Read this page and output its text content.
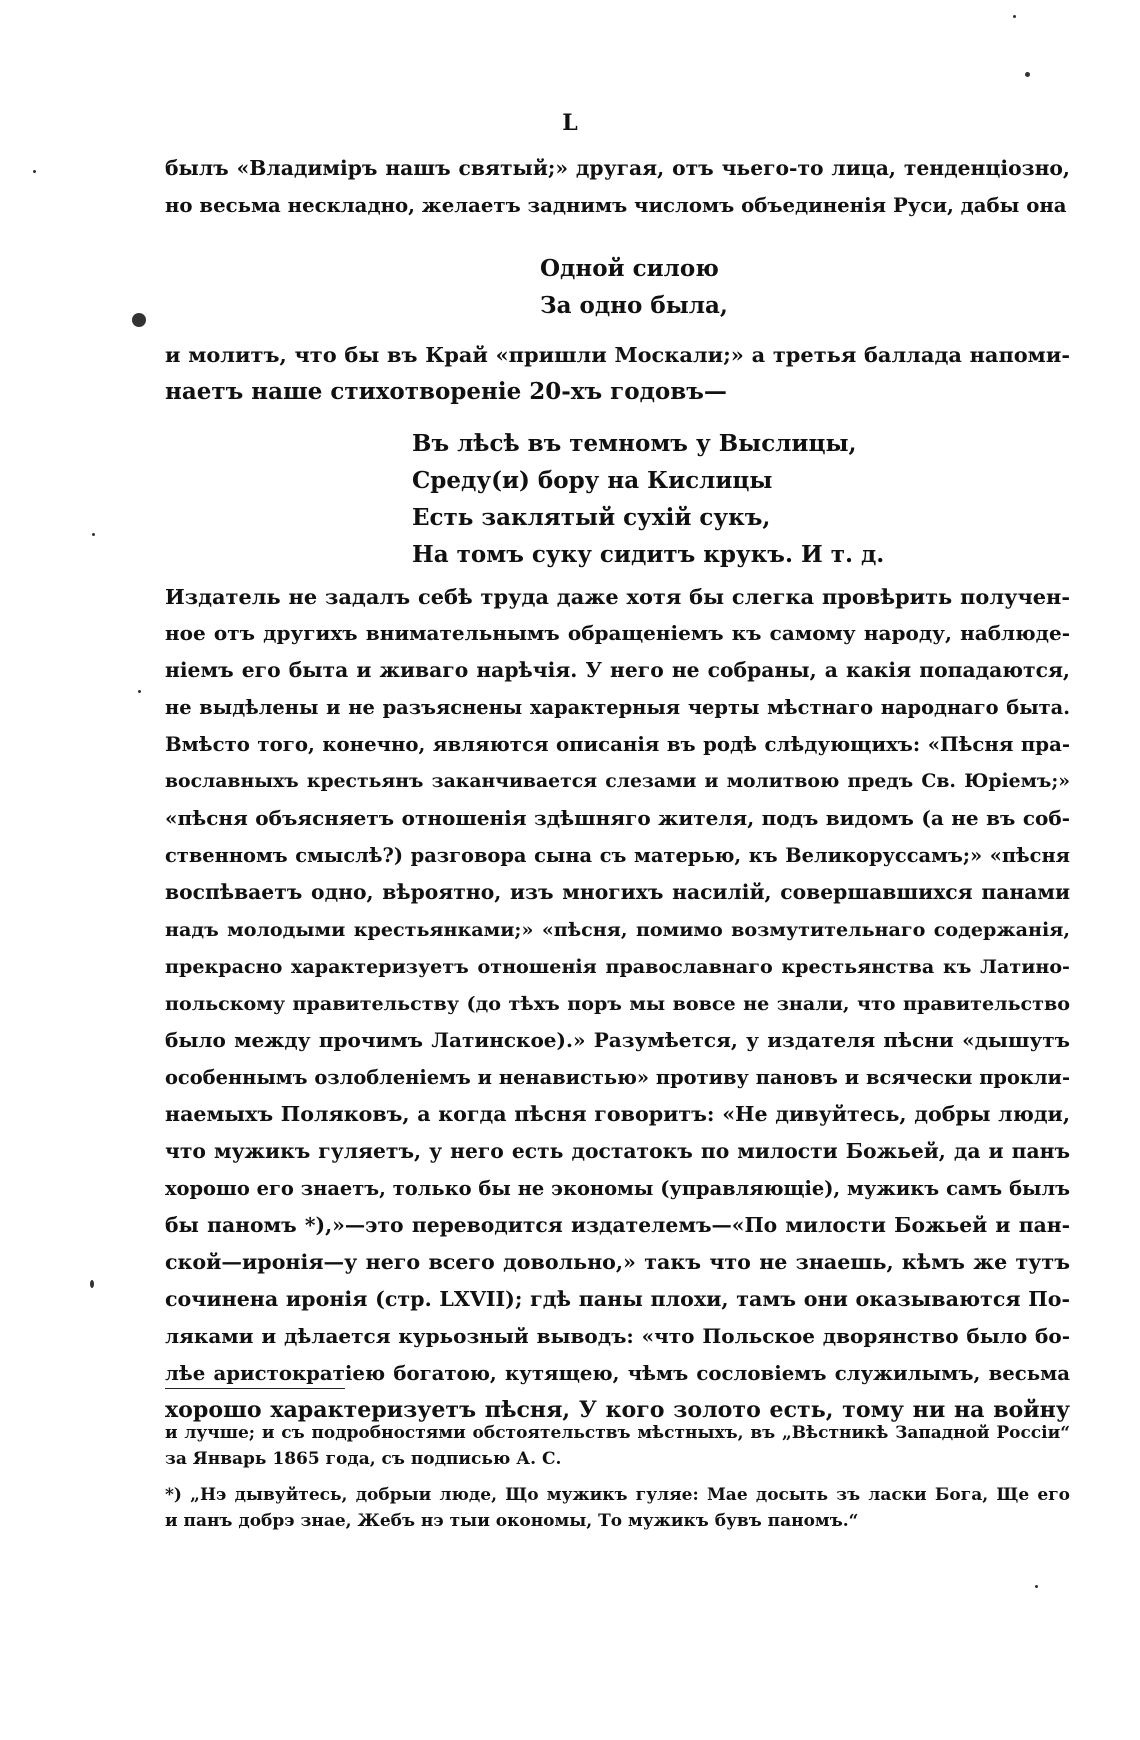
L
былъ «Владиміръ нашъ святый;» другая, отъ чьего-то лица, тенденціозно,
но весьма нескладно, желаетъ заднимъ числомъ объединенія Руси, дабы она
Одной силою
За одно была,
и молитъ, что бы въ Край «пришли Москали;» а третья баллада напоми-
наетъ наше стихотвореніе 20-хъ годовъ—
Въ лѣсѣ въ темномъ у Выслицы,
Среду(и) бору на Кислицы
Есть заклятый сухій сукъ,
На томъ суку сидитъ крукъ. И т. д.
Издатель не задалъ себѣ труда даже хотя бы слегка провѣрить получен-
ное отъ другихъ внимательнымъ обращеніемъ къ самому народу, наблюде-
ніемъ его быта и живаго нарѣчія. У него не собраны, а какія попадаются,
не выдѣлены и не разъяснены характерныя черты мѣстнаго народнаго быта.
Вмѣсто того, конечно, являются описанія въ родѣ слѣдующихъ: «Пѣсня пра-
вославныхъ крестьянъ заканчивается слезами и молитвою предъ Св. Юріемъ;»
«пѣсня объясняетъ отношенія здѣшняго жителя, подъ видомъ (а не въ соб-
ственномъ смыслѣ?) разговора сына съ матерью, къ Великоруссамъ;» «пѣсня
воспѣваетъ одно, вѣроятно, изъ многихъ насилій, совершавшихся панами
надъ молодыми крестьянками;» «пѣсня, помимо возмутительнаго содержанія,
прекрасно характеризуетъ отношенія православнаго крестьянства къ Латино-
польскому правительству (до тѣхъ поръ мы вовсе не знали, что правительство
было между прочимъ Латинское).» Разумѣется, у издателя пѣсни «дышутъ
особеннымъ озлобленіемъ и ненавистью» противу пановъ и всячески прокли-
наемыхъ Поляковъ, а когда пѣсня говоритъ: «Не дивуйтесь, добры люди,
что мужикъ гуляетъ, у него есть достатокъ по милости Божьей, да и панъ
хорошо его знаетъ, только бы не экономы (управляющіе), мужикъ самъ былъ
бы паномъ *),»—это переводится издателемъ—«По милости Божьей и пан-
ской—иронія—у него всего довольно,» такъ что не знаешь, кѣмъ же тутъ
сочинена иронія (стр. LXVII); гдѣ паны плохи, тамъ они оказываются По-
ляками и дѣлается курьозный выводъ: «что Польское дворянство было бо-
лѣе аристократіею богатою, кутящею, чѣмъ сословіемъ служилымъ, весьма
хорошо характеризуетъ пѣсня, У кого золото есть, тому ни на войну
и лучше; и съ подробностями обстоятельствъ мѣстныхъ, въ „Вѣстникѣ Западной Россіи“
за Январь 1865 года, съ подписью А. С.
*) „Нэ дывуйтесь, добрыи люде, Що мужикъ гуляе: Мае досыть зъ ласки Бога, Ще его
и панъ добрэ знае, Жебъ нэ тыи окономы, То мужикъ бувъ паномъ.“
